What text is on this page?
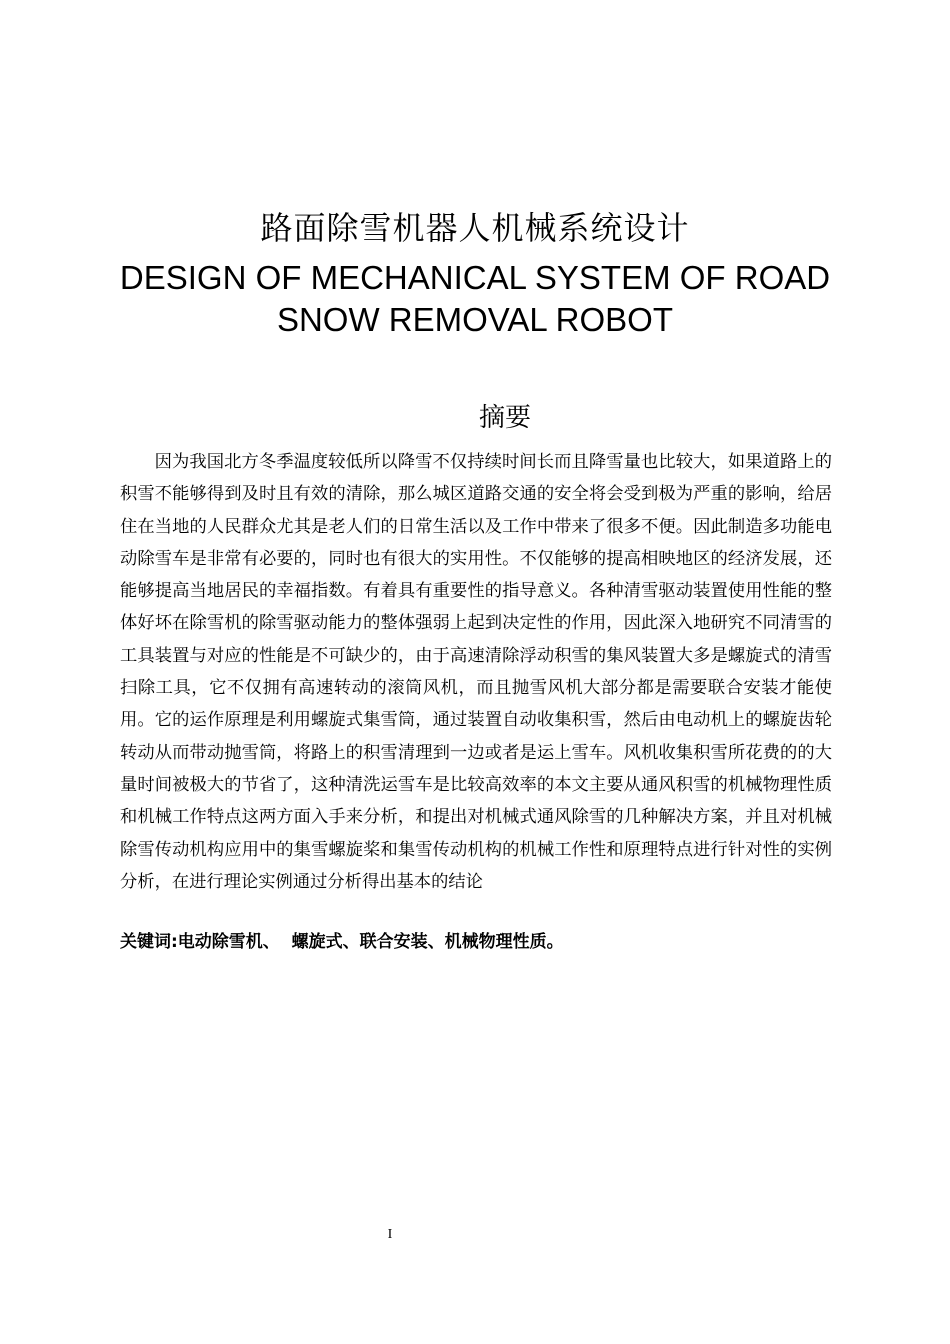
路面除雪机器人机械系统设计
DESIGN OF MECHANICAL SYSTEM OF ROAD SNOW REMOVAL ROBOT
摘要

因为我国北方冬季温度较低所以降雪不仅持续时间长而且降雪量也比较大，如果道路上的积雪不能够得到及时且有效的清除，那么城区道路交通的安全将会受到极为严重的影响，给居住在当地的人民群众尤其是老人们的日常生活以及工作中带来了很多不便。因此制造多功能电动除雪车是非常有必要的，同时也有很大的实用性。不仅能够的提高相映地区的经济发展，还能够提高当地居民的幸福指数。有着具有重要性的指导意义。各种清雪驱动装置使用性能的整体好坏在除雪机的除雪驱动能力的整体强弱上起到决定性的作用，因此深入地研究不同清雪的工具装置与对应的性能是不可缺少的，由于高速清除浮动积雪的集风装置大多是螺旋式的清雪扫除工具，它不仅拥有高速转动的滚筒风机，而且抛雪风机大部分都是需要联合安装才能使用。它的运作原理是利用螺旋式集雪筒，通过装置自动收集积雪，然后由电动机上的螺旋齿轮转动从而带动抛雪筒，将路上的积雪清理到一边或者是运上雪车。风机收集积雪所花费的的大量时间被极大的节省了，这种清洗运雪车是比较高效率的本文主要从通风积雪的机械物理性质和机械工作特点这两方面入手来分析，和提出对机械式通风除雪的几种解决方案，并且对机械除雪传动机构应用中的集雪螺旋桨和集雪传动机构的机械工作性和原理特点进行针对性的实例分析，在进行理论实例通过分析得出基本的结论

关键词:电动除雪机、  螺旋式、联合安装、机械物理性质。
I
